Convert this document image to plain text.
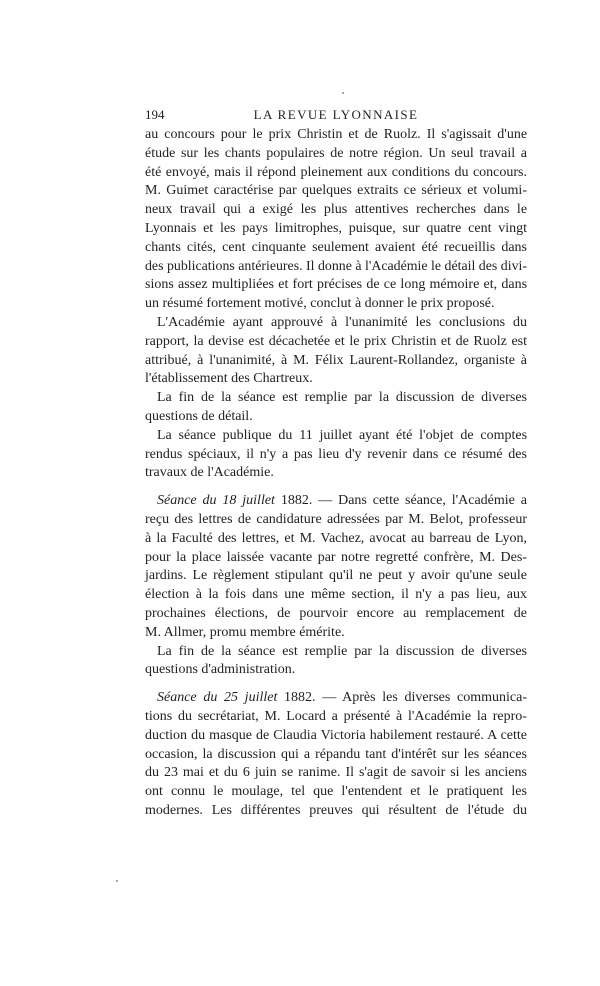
194	LA REVUE LYONNAISE
au concours pour le prix Christin et de Ruolz. Il s'agissait d'une
étude sur les chants populaires de notre région. Un seul travail a
été envoyé, mais il répond pleinement aux conditions du concours.
M. Guimet caractérise par quelques extraits ce sérieux et volumi-
neux travail qui a exigé les plus attentives recherches dans le
Lyonnais et les pays limitrophes, puisque, sur quatre cent vingt
chants cités, cent cinquante seulement avaient été recueillis dans
des publications antérieures. Il donne à l'Académie le détail des divi-
sions assez multipliées et fort précises de ce long mémoire et, dans
un résumé fortement motivé, conclut à donner le prix proposé.
L'Académie ayant approuvé à l'unanimité les conclusions du
rapport, la devise est décachetée et le prix Christin et de Ruolz est
attribué, à l'unanimité, à M. Félix Laurent-Rollandez, organiste à
l'établissement des Chartreux.
La fin de la séance est remplie par la discussion de diverses
questions de détail.
La séance publique du 11 juillet ayant été l'objet de comptes
rendus spéciaux, il n'y a pas lieu d'y revenir dans ce résumé des
travaux de l'Académie.
Séance du 18 juillet 1882. — Dans cette séance, l'Académie a
reçu des lettres de candidature adressées par M. Belot, professeur
à la Faculté des lettres, et M. Vachez, avocat au barreau de Lyon,
pour la place laissée vacante par notre regretté confrère, M. Des-
jardins. Le règlement stipulant qu'il ne peut y avoir qu'une seule
élection à la fois dans une même section, il n'y a pas lieu, aux
prochaines élections, de pourvoir encore au remplacement de
M. Allmer, promu membre émérite.
La fin de la séance est remplie par la discussion de diverses
questions d'administration.
Séance du 25 juillet 1882. — Après les diverses communica-
tions du secrétariat, M. Locard a présenté à l'Académie la repro-
duction du masque de Claudia Victoria habilement restauré. A cette
occasion, la discussion qui a répandu tant d'intérêt sur les séances
du 23 mai et du 6 juin se ranime. Il s'agit de savoir si les anciens
ont connu le moulage, tel que l'entendent et le pratiquent les
modernes. Les différentes preuves qui résultent de l'étude du
